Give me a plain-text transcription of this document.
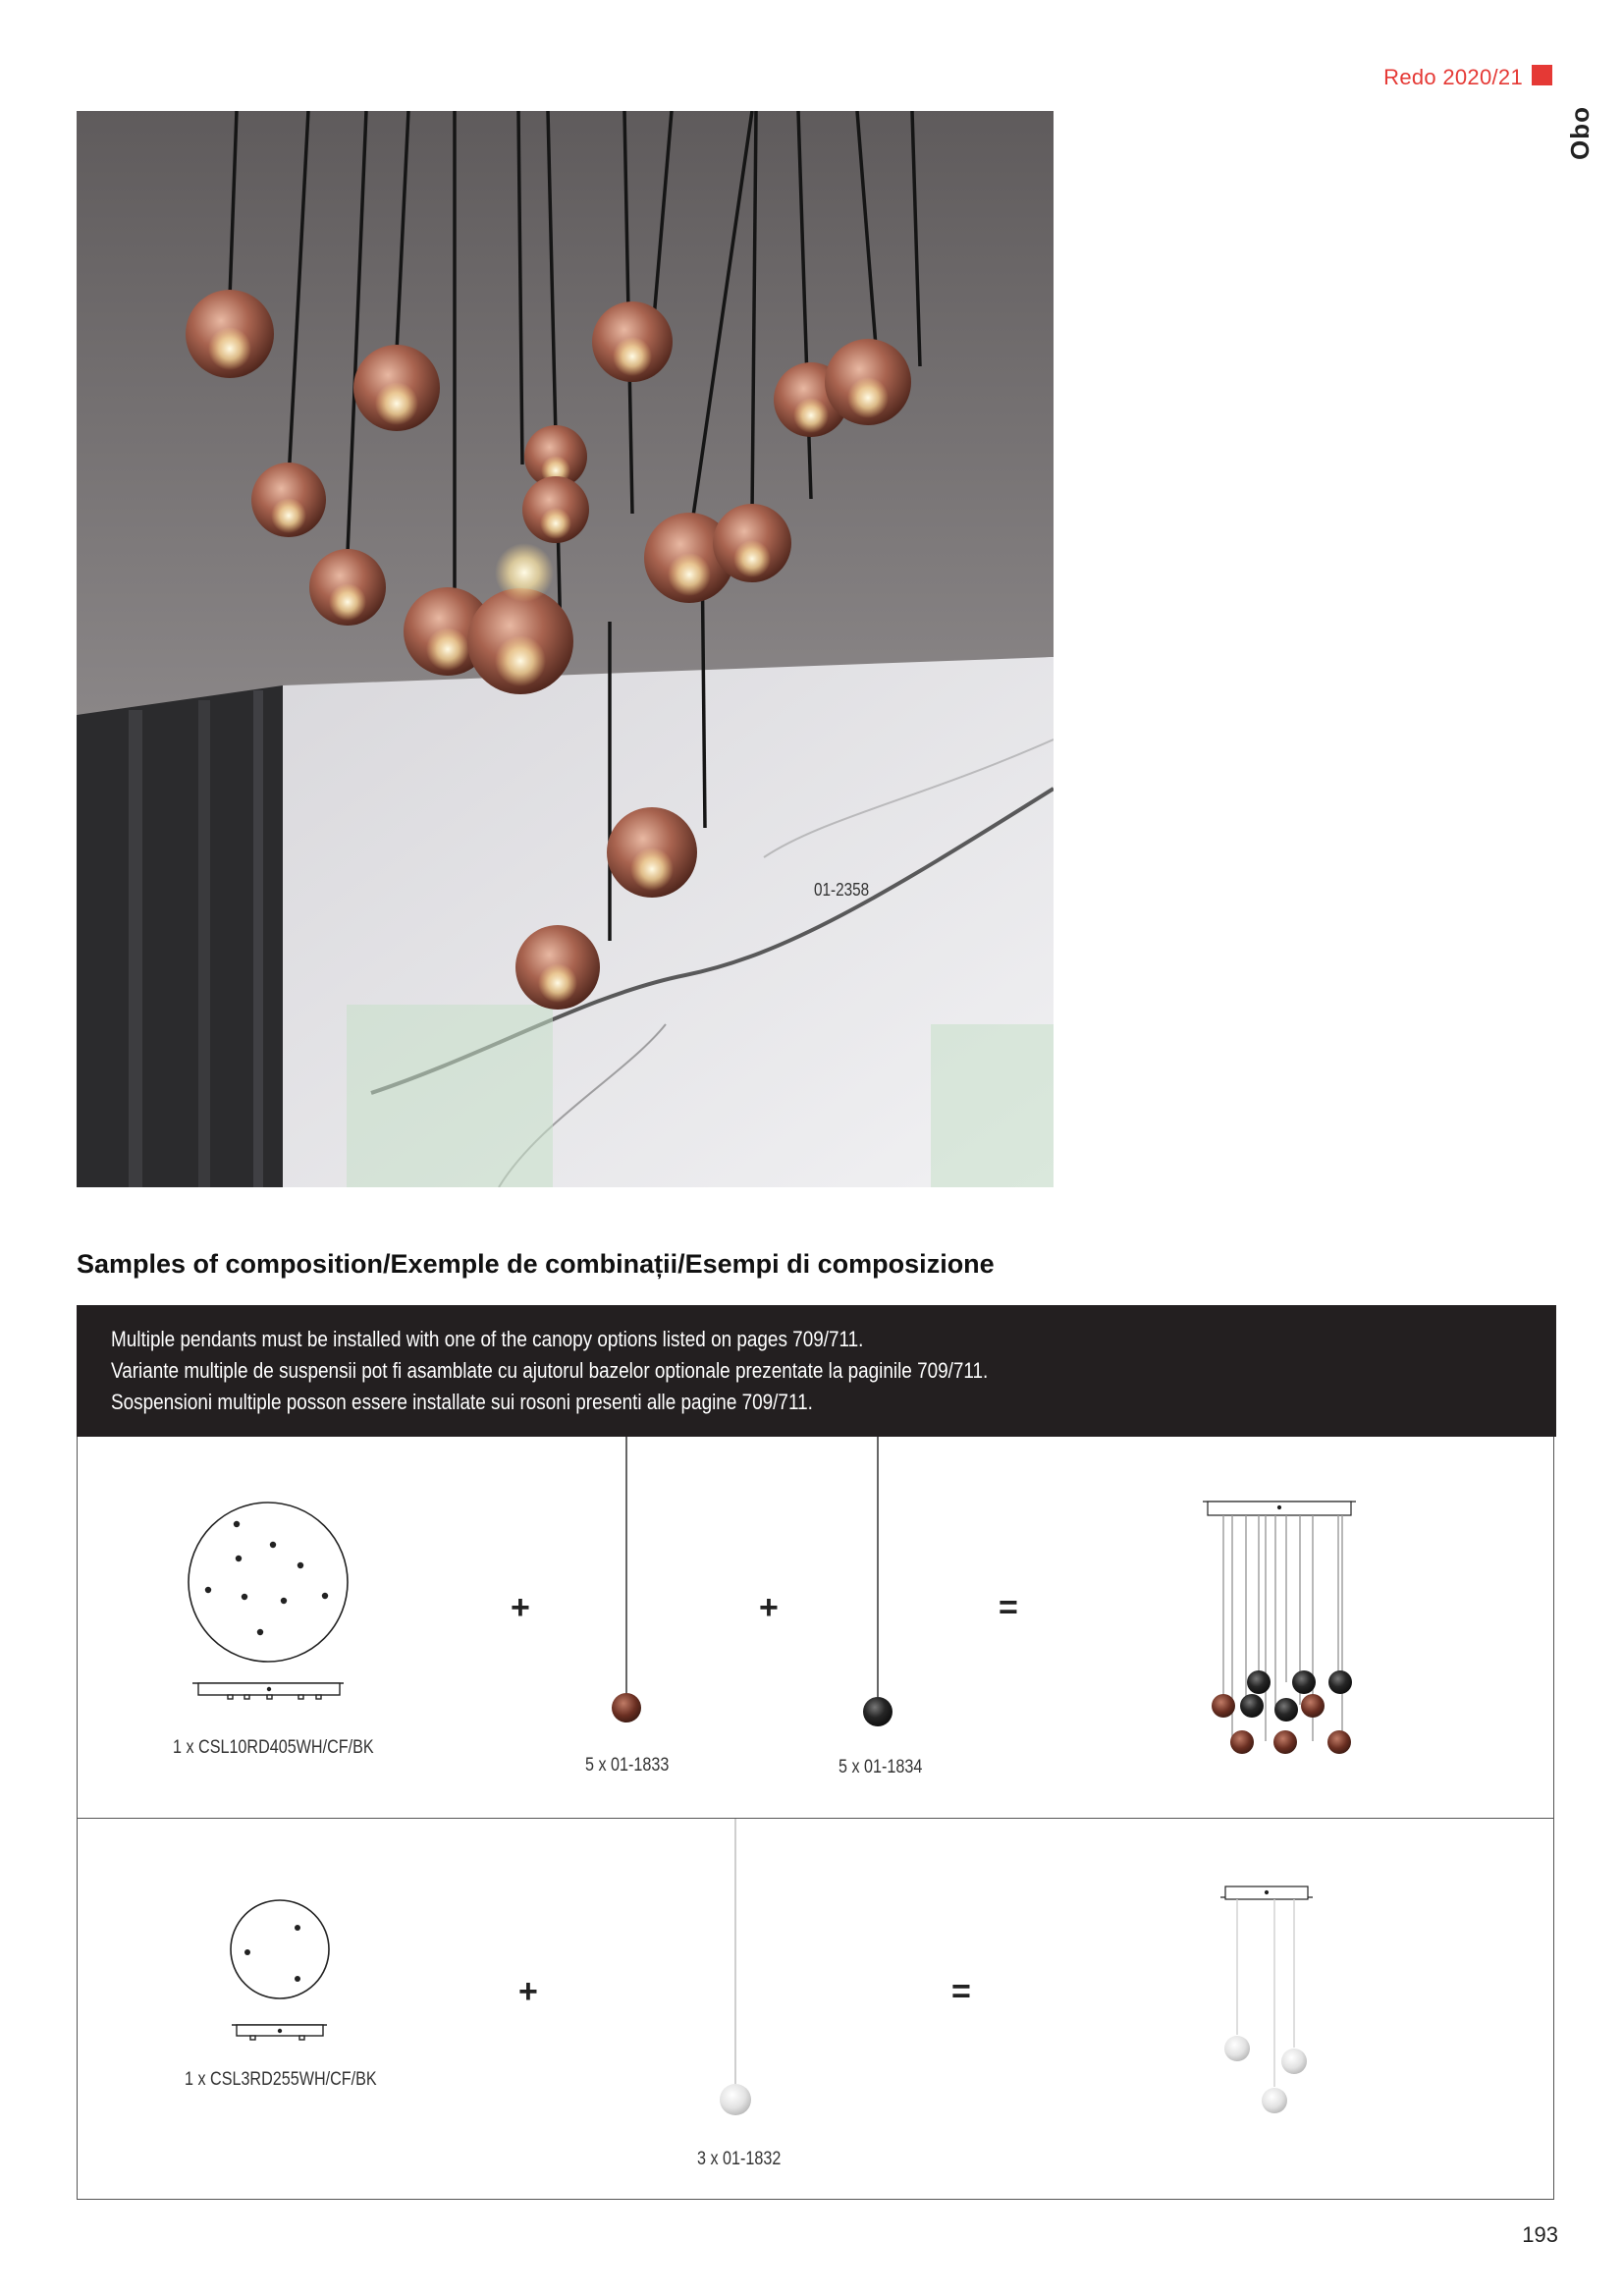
Redo 2020/21
Obo
01-2358
Samples of composition/Exemple de combinații/Esempi di composizione
Multiple pendants must be installed with one of the canopy options listed on pages 709/711.
Variante multiple de suspensii pot fi asamblate cu ajutorul bazelor optionale prezentate la paginile 709/711.
Sospensioni multiple posson essere installate sui rosoni presenti alle pagine 709/711.
1 x CSL10RD405WH/CF/BK
+
5 x 01-1833
+
5 x 01-1834
=
1 x CSL3RD255WH/CF/BK
+
3 x 01-1832
=
193
